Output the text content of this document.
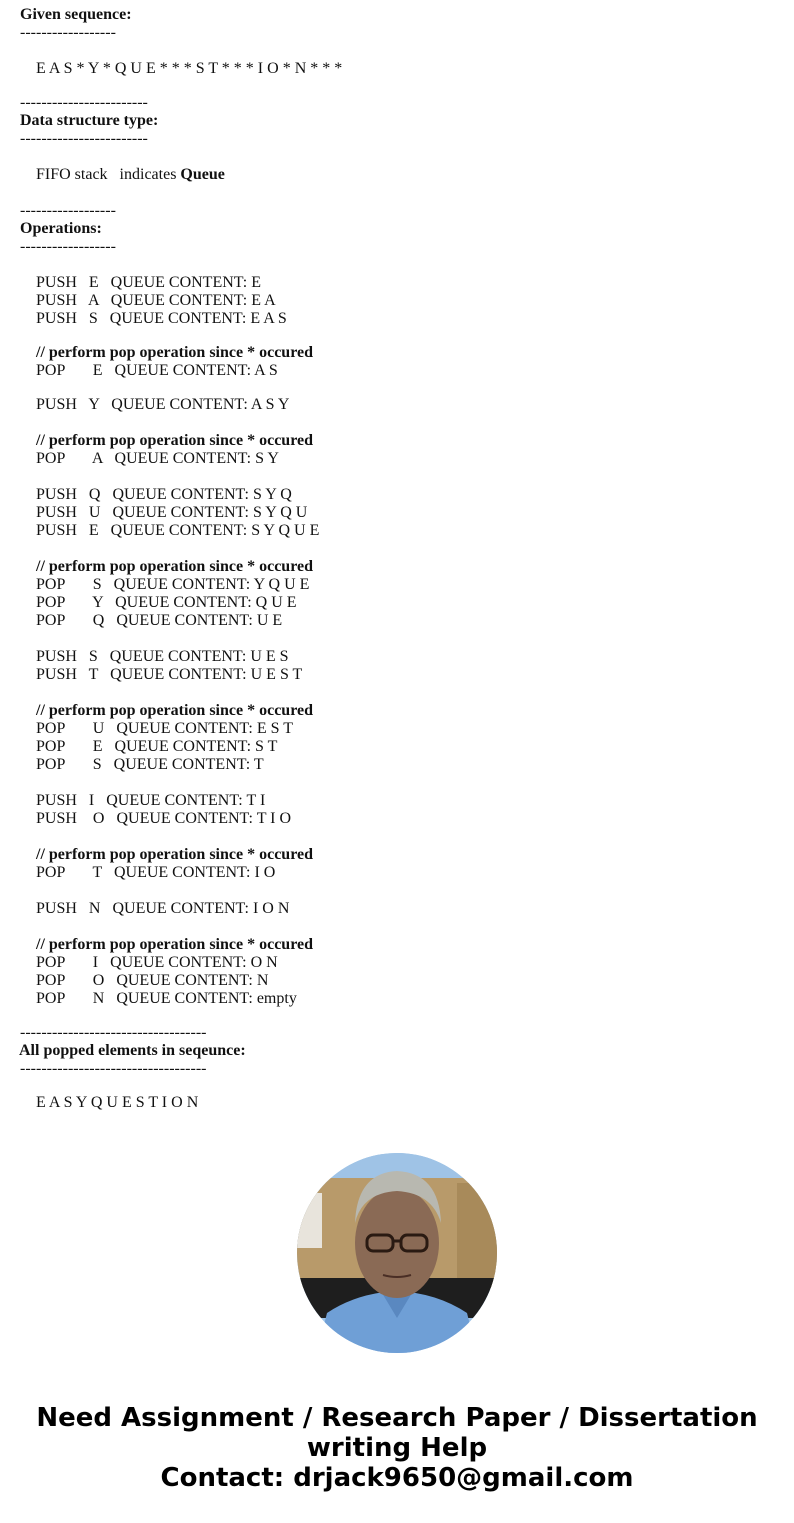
Given sequence:
------------------
E A S * Y * Q U E * * * S T * * * I O * N * * *
------------------------
Data structure type:
------------------------
FIFO stack   indicates Queue
------------------
Operations:
------------------
PUSH   E   QUEUE CONTENT: E
PUSH   A   QUEUE CONTENT: E A
PUSH   S   QUEUE CONTENT: E A S
// perform pop operation since * occured
POP       E   QUEUE CONTENT: A S
PUSH   Y   QUEUE CONTENT: A S Y
// perform pop operation since * occured
POP       A   QUEUE CONTENT: S Y
PUSH   Q   QUEUE CONTENT: S Y Q
PUSH   U   QUEUE CONTENT: S Y Q U
PUSH   E   QUEUE CONTENT: S Y Q U E
// perform pop operation since * occured
POP       S   QUEUE CONTENT: Y Q U E
POP       Y   QUEUE CONTENT: Q U E
POP       Q   QUEUE CONTENT: U E
PUSH   S   QUEUE CONTENT: U E S
PUSH   T   QUEUE CONTENT: U E S T
// perform pop operation since * occured
POP       U   QUEUE CONTENT: E S T
POP       E   QUEUE CONTENT: S T
POP       S   QUEUE CONTENT: T
PUSH   I   QUEUE CONTENT: T I
PUSH    O   QUEUE CONTENT: T I O
// perform pop operation since * occured
POP       T   QUEUE CONTENT: I O
PUSH   N   QUEUE CONTENT: I O N
// perform pop operation since * occured
POP       I   QUEUE CONTENT: O N
POP       O   QUEUE CONTENT: N
POP       N   QUEUE CONTENT: empty
-----------------------------------
All popped elements in seqeunce:
-----------------------------------
E A S Y Q U E S T I O N
Need Assignment / Research Paper / Dissertation
writing Help
Contact: drjack9650@gmail.com
